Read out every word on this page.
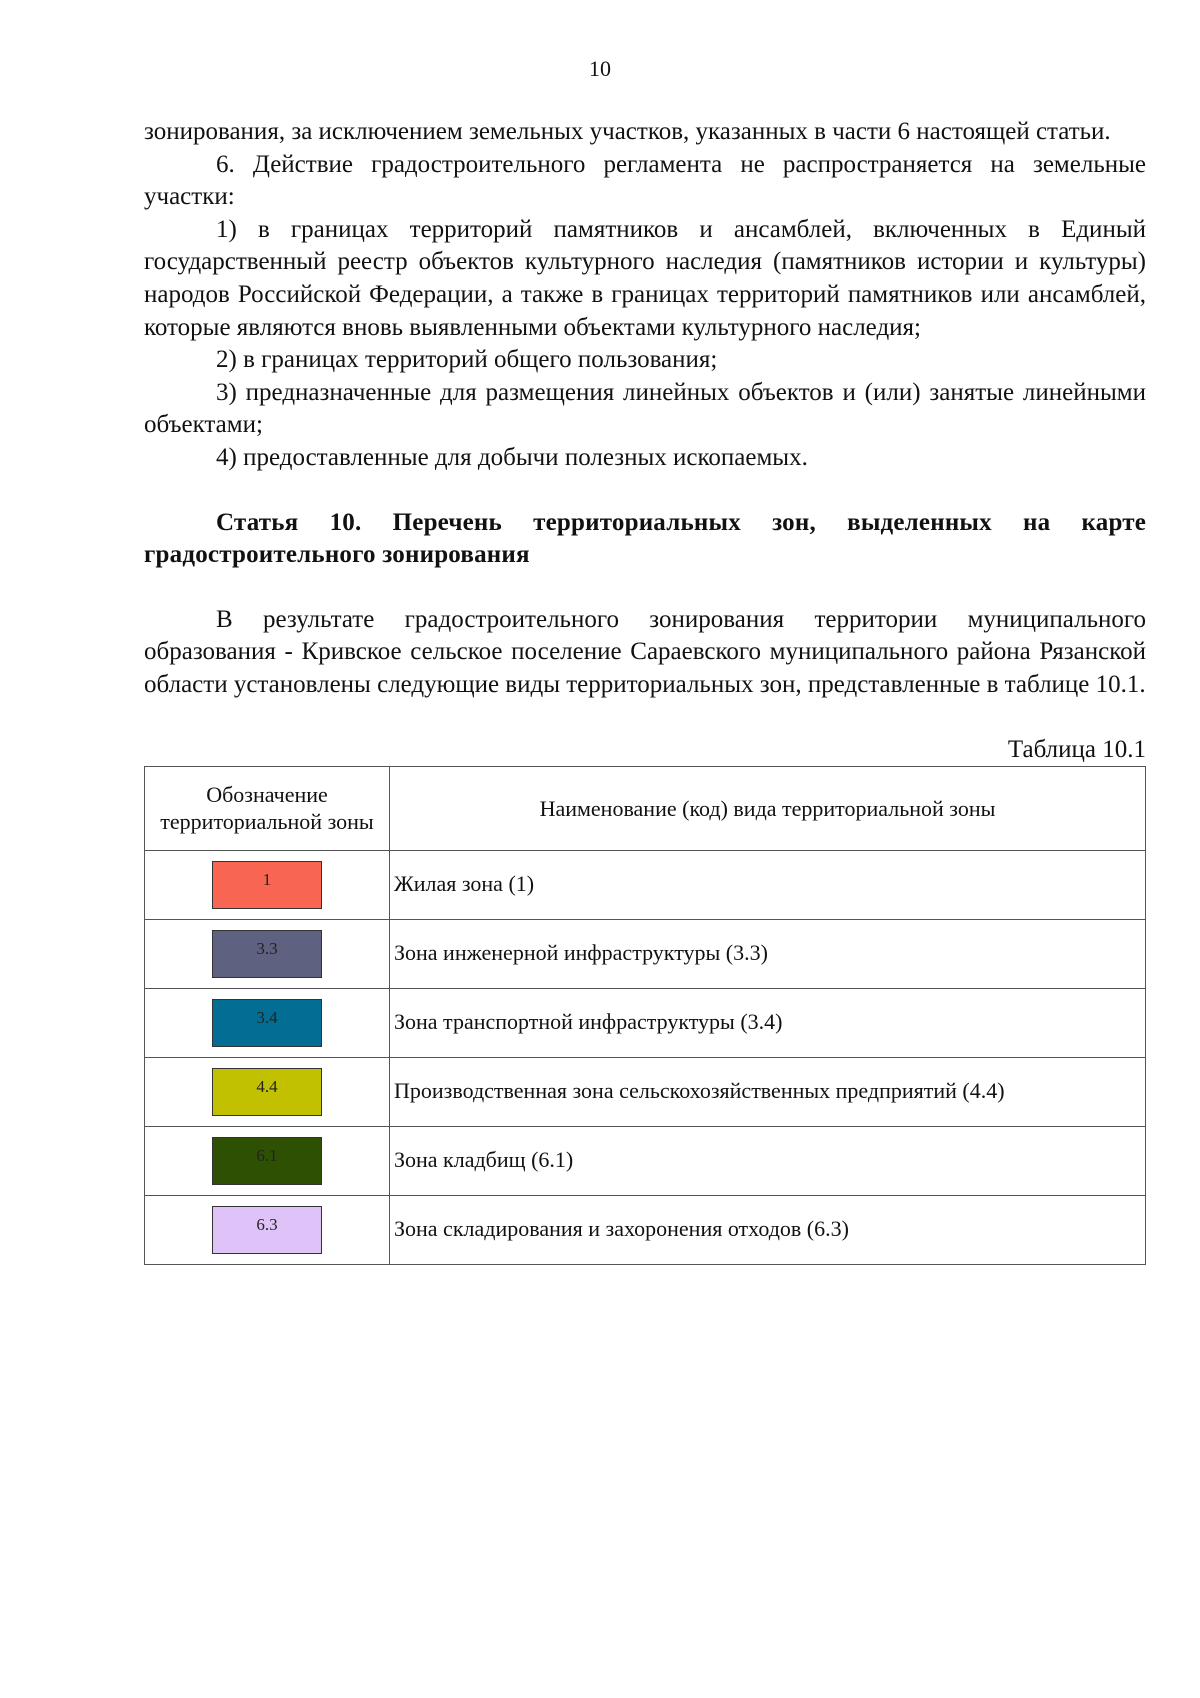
10

зонирования, за исключением земельных участков, указанных в части 6 настоящей статьи.

6. Действие градостроительного регламента не распространяется на земельные участки:

1) в границах территорий памятников и ансамблей, включенных в Единый государственный реестр объектов культурного наследия (памятников истории и культуры) народов Российской Федерации, а также в границах территорий памятников или ансамблей, которые являются вновь выявленными объектами культурного наследия;

2) в границах территорий общего пользования;

3) предназначенные для размещения линейных объектов и (или) занятые линейными объектами;

4) предоставленные для добычи полезных ископаемых.

Статья 10. Перечень территориальных зон, выделенных на карте градостроительного зонирования

В результате градостроительного зонирования территории муниципального образования - Кривское сельское поселение Сараевского муниципального района Рязанской области установлены следующие виды территориальных зон, представленные в таблице 10.1.

Таблица 10.1
Обозначение территориальной зоны	Наименование (код) вида территориальной зоны
1	Жилая зона (1)
3.3	Зона инженерной инфраструктуры (3.3)
3.4	Зона транспортной инфраструктуры (3.4)
4.4	Производственная зона сельскохозяйственных предприятий (4.4)
6.1	Зона кладбищ (6.1)
6.3	Зона складирования и захоронения отходов (6.3)
